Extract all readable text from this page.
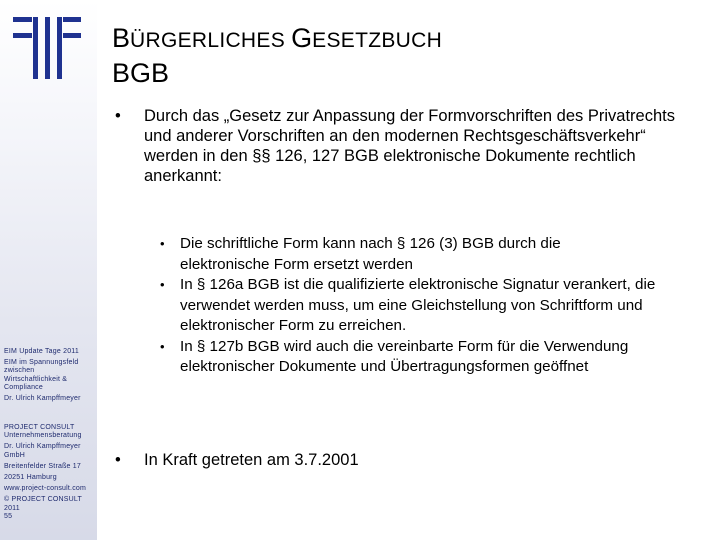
EIM Update Tage 2011
EIM im Spannungsfeld
zwischen
Wirtschaftlichkeit &
Compliance
Dr. Ulrich Kampffmeyer
PROJECT CONSULT
Unternehmensberatung
Dr. Ulrich Kampffmeyer
GmbH
Breitenfelder Straße 17
20251 Hamburg
www.project-consult.com
© PROJECT CONSULT
2011
55
BÜRGERLICHES GESETZBUCH
BGB
• Durch das „Gesetz zur Anpassung der Formvorschriften des Privatrechts und anderer Vorschriften an den modernen Rechtsgeschäftsverkehr“ werden in den §§ 126, 127 BGB elektronische Dokumente rechtlich anerkannt:
• Die schriftliche Form kann nach § 126 (3) BGB durch die elektronische Form ersetzt werden
• In § 126a BGB ist die qualifizierte elektronische Signatur verankert, die verwendet werden muss, um eine Gleichstellung von Schriftform und elektronischer Form zu erreichen.
• In § 127b BGB wird auch die vereinbarte Form für die Verwendung elektronischer Dokumente und Übertragungsformen geöffnet
• In Kraft getreten am 3.7.2001
